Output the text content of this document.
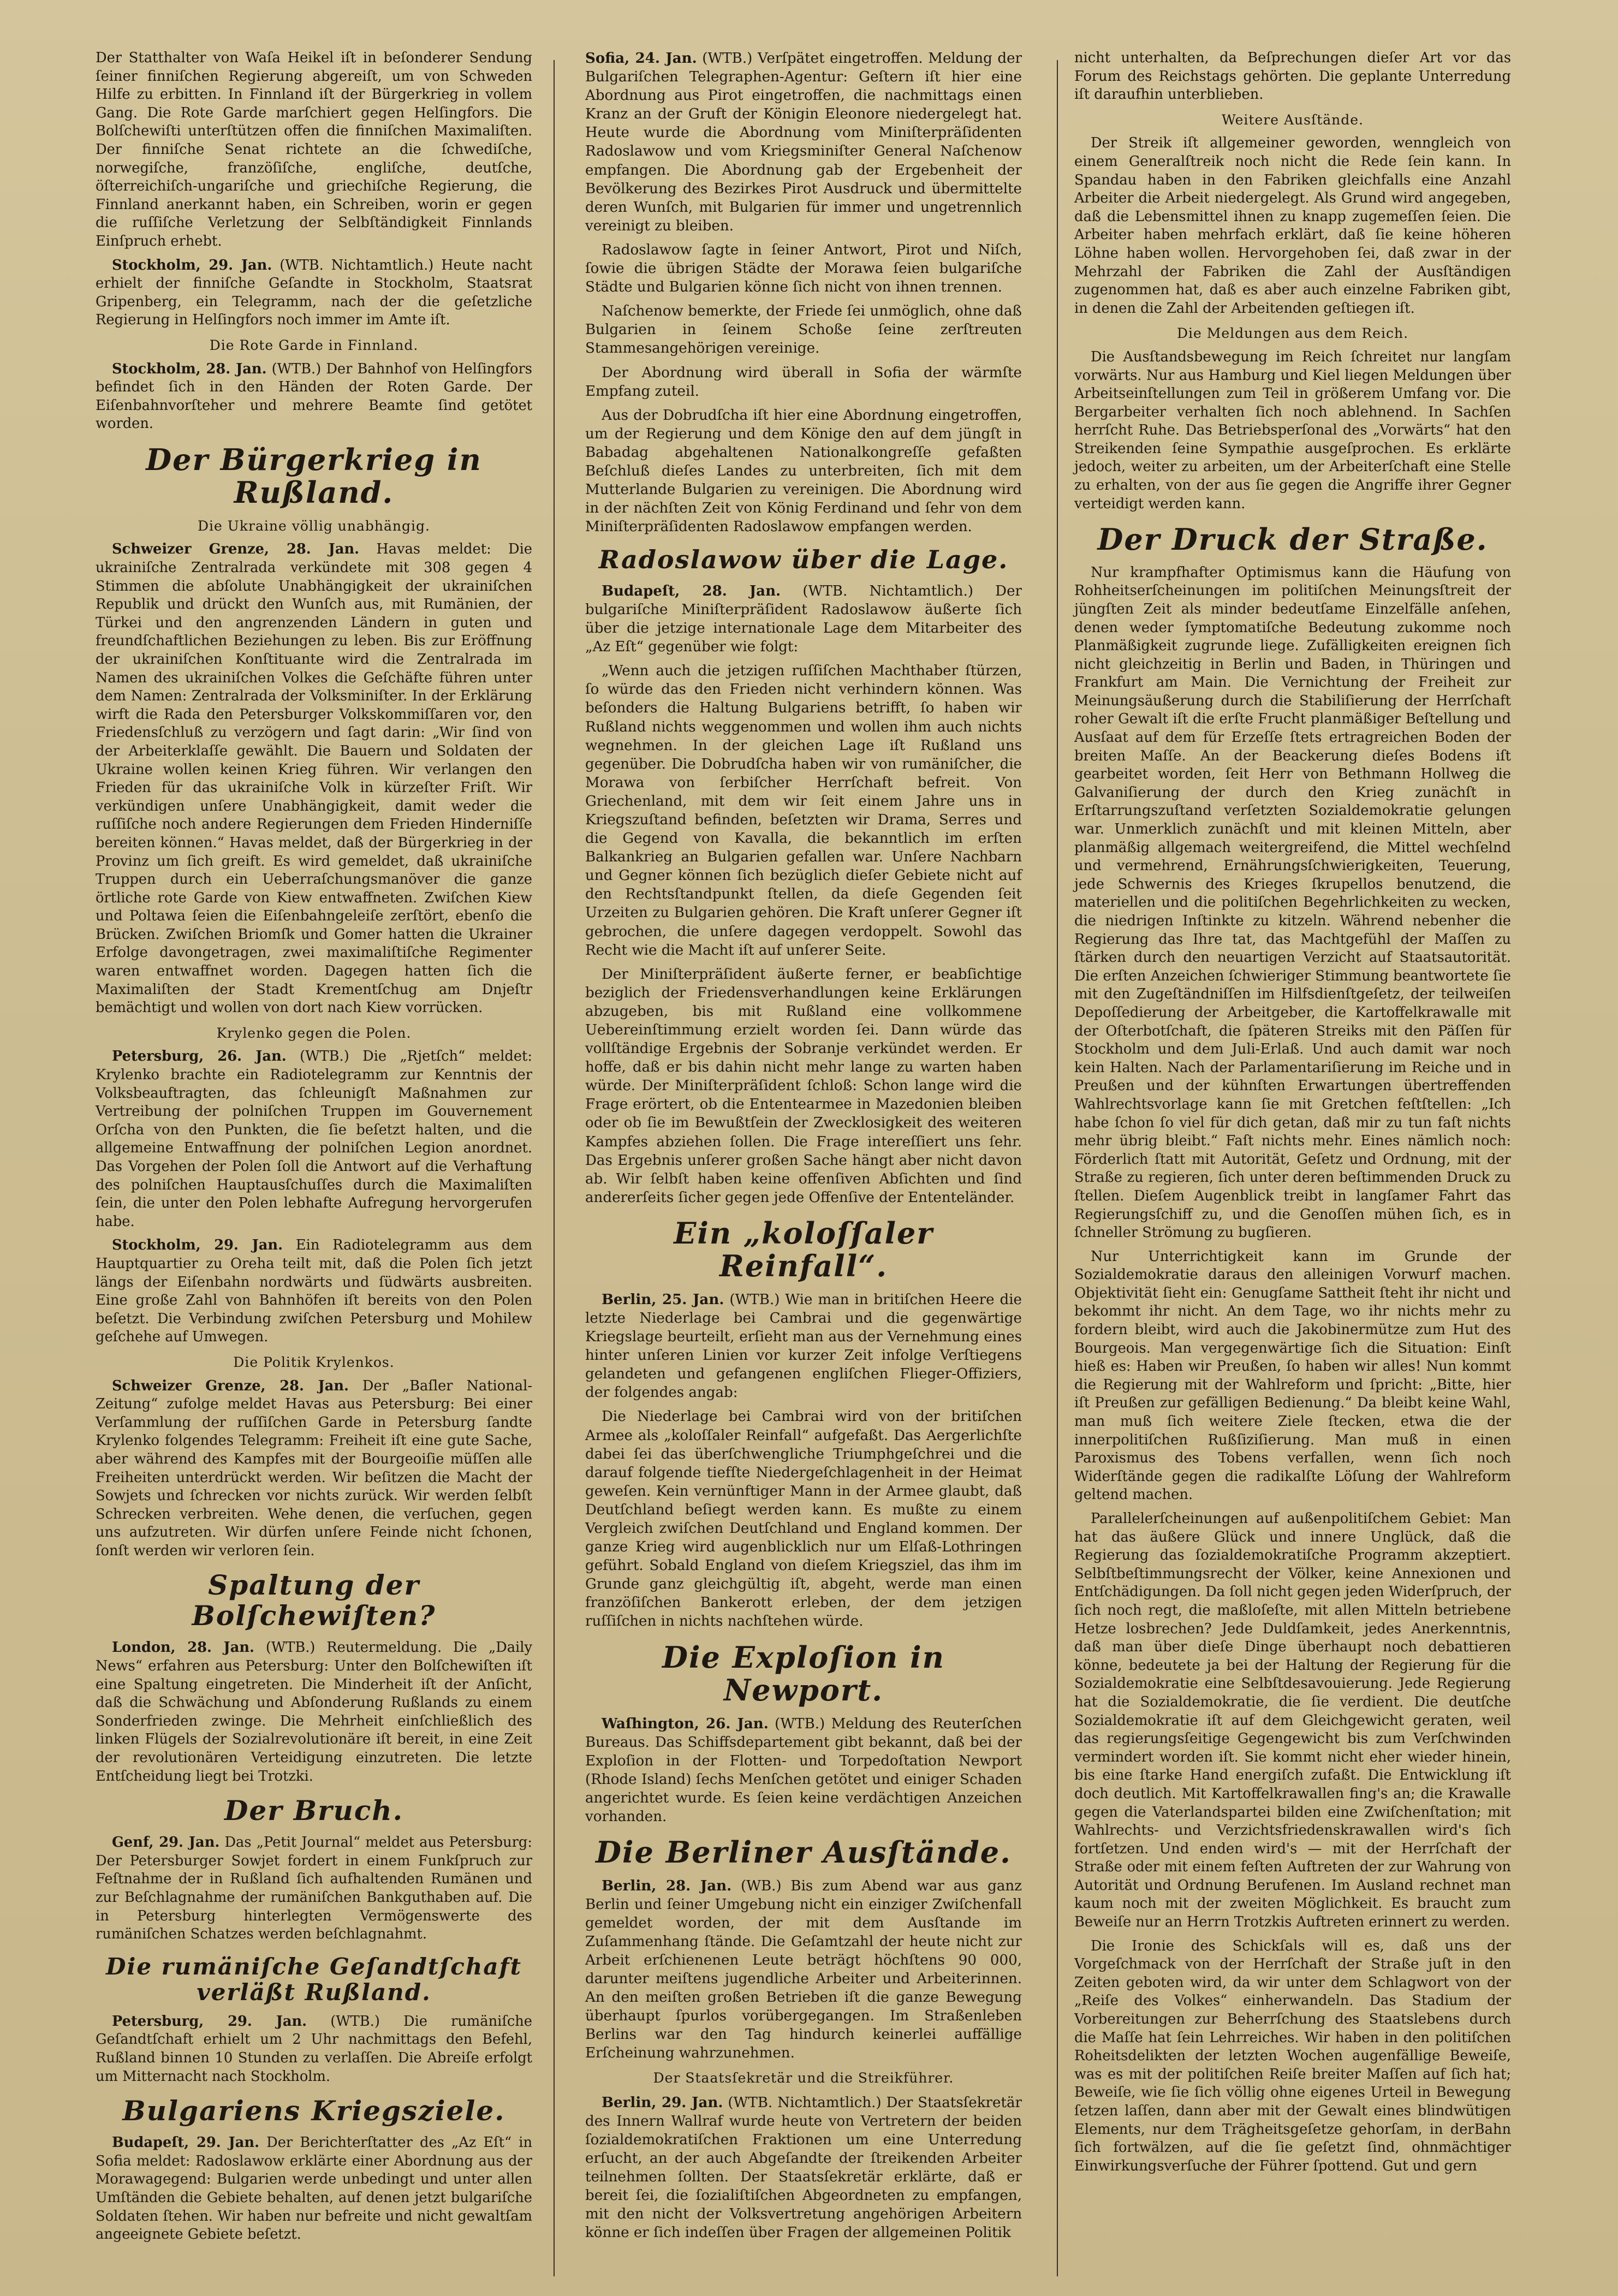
Der Statthalter von Waſa Heikel iſt in beſonderer Sendung ſeiner finniſchen Regierung abgereiſt, um von Schweden Hilfe zu erbitten. In Finnland iſt der Bürgerkrieg in vollem Gang. Die Rote Garde marſchiert gegen Helſingfors. Die Bolſchewiſti unterſtützen offen die finniſchen Maximaliſten. Der finniſche Senat richtete an die ſchwediſche, norwegiſche, franzöſiſche, engliſche, deutſche, öſterreichiſch-ungariſche und griechiſche Regierung, die Finnland anerkannt haben, ein Schreiben, worin er gegen die ruſſiſche Verletzung der Selbſtändigkeit Finnlands Einſpruch erhebt.

Stockholm, 29. Jan. (WTB. Nichtamtlich.) Heute nacht erhielt der finniſche Geſandte in Stockholm, Staatsrat Gripenberg, ein Telegramm, nach der die geſetzliche Regierung in Helſingfors noch immer im Amte iſt.

Die Rote Garde in Finnland.

Stockholm, 28. Jan. (WTB.) Der Bahnhof von Helſingfors befindet ſich in den Händen der Roten Garde. Der Eiſenbahnvorſteher und mehrere Beamte ſind getötet worden.

Der Bürgerkrieg in Rußland.
Die Ukraine völlig unabhängig.

Schweizer Grenze, 28. Jan. Havas meldet: Die ukrainiſche Zentralrada verkündete mit 308 gegen 4 Stimmen die abſolute Unabhängigkeit der ukrainiſchen Republik und drückt den Wunſch aus, mit Rumänien, der Türkei und den angrenzenden Ländern in guten und freundſchaftlichen Beziehungen zu leben. Bis zur Eröffnung der ukrainiſchen Konſtituante wird die Zentralrada im Namen des ukrainiſchen Volkes die Geſchäfte führen unter dem Namen: Zentralrada der Volksminiſter. In der Erklärung wirft die Rada den Petersburger Volkskommiſſaren vor, den Friedensſchluß zu verzögern und ſagt darin: „Wir ſind von der Arbeiterklaſſe gewählt. Die Bauern und Soldaten der Ukraine wollen keinen Krieg führen. Wir verlangen den Frieden für das ukrainiſche Volk in kürzeſter Friſt. Wir verkündigen unſere Unabhängigkeit, damit weder die ruſſiſche noch andere Regierungen dem Frieden Hinderniſſe bereiten können.“ Havas meldet, daß der Bürgerkrieg in der Provinz um ſich greift. Es wird gemeldet, daß ukrainiſche Truppen durch ein Ueberraſchungsmanöver die ganze örtliche rote Garde von Kiew entwaffneten. Zwiſchen Kiew und Poltawa ſeien die Eiſenbahngeleiſe zerſtört, ebenſo die Brücken. Zwiſchen Briomſk und Gomer hatten die Ukrainer Erfolge davongetragen, zwei maximaliſtiſche Regimenter waren entwaffnet worden. Dagegen hatten ſich die Maximaliſten der Stadt Krementſchug am Dnjeſtr bemächtigt und wollen von dort nach Kiew vorrücken.

Krylenko gegen die Polen.

Petersburg, 26. Jan. (WTB.) Die „Rjetſch“ meldet: Krylenko brachte ein Radiotelegramm zur Kenntnis der Volksbeauftragten, das ſchleunigſt Maßnahmen zur Vertreibung der polniſchen Truppen im Gouvernement Orſcha von den Punkten, die ſie beſetzt halten, und die allgemeine Entwaffnung der polniſchen Legion anordnet. Das Vorgehen der Polen ſoll die Antwort auf die Verhaftung des polniſchen Hauptausſchuſſes durch die Maximaliſten ſein, die unter den Polen lebhafte Aufregung hervorgerufen habe.

Stockholm, 29. Jan. Ein Radiotelegramm aus dem Hauptquartier zu Oreha teilt mit, daß die Polen ſich jetzt längs der Eiſenbahn nordwärts und ſüdwärts ausbreiten. Eine große Zahl von Bahnhöfen iſt bereits von den Polen beſetzt. Die Verbindung zwiſchen Petersburg und Mohilew geſchehe auf Umwegen.

Die Politik Krylenkos.

Schweizer Grenze, 28. Jan. Der „Baſler National-Zeitung“ zufolge meldet Havas aus Petersburg: Bei einer Verſammlung der ruſſiſchen Garde in Petersburg ſandte Krylenko folgendes Telegramm: Freiheit iſt eine gute Sache, aber während des Kampfes mit der Bourgeoiſie müſſen alle Freiheiten unterdrückt werden. Wir beſitzen die Macht der Sowjets und ſchrecken vor nichts zurück. Wir werden ſelbſt Schrecken verbreiten. Wehe denen, die verſuchen, gegen uns aufzutreten. Wir dürfen unſere Feinde nicht ſchonen, ſonſt werden wir verloren ſein.

Spaltung der Bolſchewiſten?

London, 28. Jan. (WTB.) Reutermeldung. Die „Daily News“ erfahren aus Petersburg: Unter den Bolſchewiſten iſt eine Spaltung eingetreten. Die Minderheit iſt der Anſicht, daß die Schwächung und Abſonderung Rußlands zu einem Sonderfrieden zwinge. Die Mehrheit einſchließlich des linken Flügels der Sozialrevolutionäre iſt bereit, in eine Zeit der revolutionären Verteidigung einzutreten. Die letzte Entſcheidung liegt bei Trotzki.

Der Bruch.

Genf, 29. Jan. Das „Petit Journal“ meldet aus Petersburg: Der Petersburger Sowjet fordert in einem Funkſpruch zur Feſtnahme der in Rußland ſich aufhaltenden Rumänen und zur Beſchlagnahme der rumäniſchen Bankguthaben auf. Die in Petersburg hinterlegten Vermögenswerte des rumäniſchen Schatzes werden beſchlagnahmt.

Die rumäniſche Geſandtſchaft verläßt Rußland.

Petersburg, 29. Jan. (WTB.) Die rumäniſche Geſandtſchaft erhielt um 2 Uhr nachmittags den Befehl, Rußland binnen 10 Stunden zu verlaſſen. Die Abreiſe erfolgt um Mitternacht nach Stockholm.

Bulgariens Kriegsziele.

Budapeſt, 29. Jan. Der Berichterſtatter des „Az Eſt“ in Sofia meldet: Radoslawow erklärte einer Abordnung aus der Morawagegend: Bulgarien werde unbedingt und unter allen Umſtänden die Gebiete behalten, auf denen jetzt bulgariſche Soldaten ſtehen. Wir haben nur befreite und nicht gewaltſam angeeignete Gebiete beſetzt.

Sofia, 24. Jan. (WTB.) Verſpätet eingetroffen. Meldung der Bulgariſchen Telegraphen-Agentur: Geſtern iſt hier eine Abordnung aus Pirot eingetroffen, die nachmittags einen Kranz an der Gruft der Königin Eleonore niedergelegt hat. Heute wurde die Abordnung vom Miniſterpräſidenten Radoslawow und vom Kriegsminiſter General Naſchenow empfangen. Die Abordnung gab der Ergebenheit der Bevölkerung des Bezirkes Pirot Ausdruck und übermittelte deren Wunſch, mit Bulgarien für immer und ungetrennlich vereinigt zu bleiben.

Radoslawow ſagte in ſeiner Antwort, Pirot und Niſch, ſowie die übrigen Städte der Morawa ſeien bulgariſche Städte und Bulgarien könne ſich nicht von ihnen trennen.

Naſchenow bemerkte, der Friede ſei unmöglich, ohne daß Bulgarien in ſeinem Schoße ſeine zerſtreuten Stammesangehörigen vereinige.

Der Abordnung wird überall in Sofia der wärmſte Empfang zuteil.

Aus der Dobrudſcha iſt hier eine Abordnung eingetroffen, um der Regierung und dem Könige den auf dem jüngſt in Babadag abgehaltenen Nationalkongreſſe gefaßten Beſchluß dieſes Landes zu unterbreiten, ſich mit dem Mutterlande Bulgarien zu vereinigen. Die Abordnung wird in der nächſten Zeit von König Ferdinand und ſehr von dem Miniſterpräſidenten Radoslawow empfangen werden.

Radoslawow über die Lage.

Budapeſt, 28. Jan. (WTB. Nichtamtlich.) Der bulgariſche Miniſterpräſident Radoslawow äußerte ſich über die jetzige internationale Lage dem Mitarbeiter des „Az Eſt“ gegenüber wie folgt:

„Wenn auch die jetzigen ruſſiſchen Machthaber ſtürzen, ſo würde das den Frieden nicht verhindern können. Was beſonders die Haltung Bulgariens betrifft, ſo haben wir Rußland nichts weggenommen und wollen ihm auch nichts wegnehmen. In der gleichen Lage iſt Rußland uns gegenüber. Die Dobrudſcha haben wir von rumäniſcher, die Morawa von ſerbiſcher Herrſchaft befreit. Von Griechenland, mit dem wir ſeit einem Jahre uns in Kriegszuſtand befinden, beſetzten wir Drama, Serres und die Gegend von Kavalla, die bekanntlich im erſten Balkankrieg an Bulgarien gefallen war. Unſere Nachbarn und Gegner können ſich bezüglich dieſer Gebiete nicht auf den Rechtsſtandpunkt ſtellen, da dieſe Gegenden ſeit Urzeiten zu Bulgarien gehören. Die Kraft unſerer Gegner iſt gebrochen, die unſere dagegen verdoppelt. Sowohl das Recht wie die Macht iſt auf unſerer Seite.

Der Miniſterpräſident äußerte ferner, er beabſichtige beziglich der Friedensverhandlungen keine Erklärungen abzugeben, bis mit Rußland eine vollkommene Uebereinſtimmung erzielt worden ſei. Dann würde das vollſtändige Ergebnis der Sobranje verkündet werden. Er hoffe, daß er bis dahin nicht mehr lange zu warten haben würde. Der Miniſterpräſident ſchloß: Schon lange wird die Frage erörtert, ob die Ententearmee in Mazedonien bleiben oder ob ſie im Bewußtſein der Zwecklosigkeit des weiteren Kampfes abziehen ſollen. Die Frage intereſſiert uns ſehr. Das Ergebnis unſerer großen Sache hängt aber nicht davon ab. Wir ſelbſt haben keine offenſiven Abſichten und ſind andererſeits ſicher gegen jede Offenſive der Ententeländer.

Ein „koloſſaler Reinfall“.

Berlin, 25. Jan. (WTB.) Wie man in britiſchen Heere die letzte Niederlage bei Cambrai und die gegenwärtige Kriegslage beurteilt, erſieht man aus der Vernehmung eines hinter unſeren Linien vor kurzer Zeit infolge Verſtiegens gelandeten und gefangenen engliſchen Flieger-Offiziers, der folgendes angab:

Die Niederlage bei Cambrai wird von der britiſchen Armee als „koloſſaler Reinfall“ aufgefaßt. Das Aergerlichſte dabei ſei das überſchwengliche Triumphgeſchrei und die darauf folgende tiefſte Niedergeſchlagenheit in der Heimat geweſen. Kein vernünftiger Mann in der Armee glaubt, daß Deutſchland beſiegt werden kann. Es mußte zu einem Vergleich zwiſchen Deutſchland und England kommen. Der ganze Krieg wird augenblicklich nur um Elſaß-Lothringen geführt. Sobald England von dieſem Kriegsziel, das ihm im Grunde ganz gleichgültig iſt, abgeht, werde man einen franzöſiſchen Bankerott erleben, der dem jetzigen ruſſiſchen in nichts nachſtehen würde.

Die Exploſion in Newport.

Waſhington, 26. Jan. (WTB.) Meldung des Reuterſchen Bureaus. Das Schiffsdepartement gibt bekannt, daß bei der Exploſion in der Flotten- und Torpedoſtation Newport (Rhode Island) ſechs Menſchen getötet und einiger Schaden angerichtet wurde. Es ſeien keine verdächtigen Anzeichen vorhanden.

Die Berliner Ausſtände.

Berlin, 28. Jan. (WB.) Bis zum Abend war aus ganz Berlin und ſeiner Umgebung nicht ein einziger Zwiſchenfall gemeldet worden, der mit dem Ausſtande im Zuſammenhang ſtände. Die Geſamtzahl der heute nicht zur Arbeit erſchienenen Leute beträgt höchſtens 90 000, darunter meiſtens jugendliche Arbeiter und Arbeiterinnen. An den meiſten großen Betrieben iſt die ganze Bewegung überhaupt ſpurlos vorübergegangen. Im Straßenleben Berlins war den Tag hindurch keinerlei auffällige Erſcheinung wahrzunehmen.

Der Staatsſekretär und die Streikführer.

Berlin, 29. Jan. (WTB. Nichtamtlich.) Der Staatsſekretär des Innern Wallraf wurde heute von Vertretern der beiden ſozialdemokratiſchen Fraktionen um eine Unterredung erſucht, an der auch Abgeſandte der ſtreikenden Arbeiter teilnehmen ſollten. Der Staatsſekretär erklärte, daß er bereit ſei, die ſozialiſtiſchen Abgeordneten zu empfangen, mit den nicht der Volksvertretung angehörigen Arbeitern könne er ſich indeſſen über Fragen der allgemeinen Politik

nicht unterhalten, da Beſprechungen dieſer Art vor das Forum des Reichstags gehörten. Die geplante Unterredung iſt daraufhin unterblieben.

Weitere Ausſtände.

Der Streik iſt allgemeiner geworden, wenngleich von einem Generalſtreik noch nicht die Rede ſein kann. In Spandau haben in den Fabriken gleichfalls eine Anzahl Arbeiter die Arbeit niedergelegt. Als Grund wird angegeben, daß die Lebensmittel ihnen zu knapp zugemeſſen ſeien. Die Arbeiter haben mehrfach erklärt, daß ſie keine höheren Löhne haben wollen. Hervorgehoben ſei, daß zwar in der Mehrzahl der Fabriken die Zahl der Ausſtändigen zugenommen hat, daß es aber auch einzelne Fabriken gibt, in denen die Zahl der Arbeitenden geſtiegen iſt.

Die Meldungen aus dem Reich.

Die Ausſtandsbewegung im Reich ſchreitet nur langſam vorwärts. Nur aus Hamburg und Kiel liegen Meldungen über Arbeitseinſtellungen zum Teil in größerem Umfang vor. Die Bergarbeiter verhalten ſich noch ablehnend. In Sachſen herrſcht Ruhe. Das Betriebsperſonal des „Vorwärts“ hat den Streikenden ſeine Sympathie ausgeſprochen. Es erklärte jedoch, weiter zu arbeiten, um der Arbeiterſchaft eine Stelle zu erhalten, von der aus ſie gegen die Angriffe ihrer Gegner verteidigt werden kann.

Der Druck der Straße.

Nur krampfhafter Optimismus kann die Häufung von Rohheitserſcheinungen im politiſchen Meinungsſtreit der jüngſten Zeit als minder bedeutſame Einzelfälle anſehen, denen weder ſymptomatiſche Bedeutung zukomme noch Planmäßigkeit zugrunde liege. Zufälligkeiten ereignen ſich nicht gleichzeitig in Berlin und Baden, in Thüringen und Frankfurt am Main. Die Vernichtung der Freiheit zur Meinungsäußerung durch die Stabiliſierung der Herrſchaft roher Gewalt iſt die erſte Frucht planmäßiger Beſtellung und Ausſaat auf dem für Erzeſſe ſtets ertragreichen Boden der breiten Maſſe. An der Beackerung dieſes Bodens iſt gearbeitet worden, ſeit Herr von Bethmann Hollweg die Galvaniſierung der durch den Krieg zunächſt in Erſtarrungszuſtand verſetzten Sozialdemokratie gelungen war. Unmerklich zunächſt und mit kleinen Mitteln, aber planmäßig allgemach weitergreifend, die Mittel wechſelnd und vermehrend, Ernährungsſchwierigkeiten, Teuerung, jede Schwernis des Krieges ſkrupellos benutzend, die materiellen und die politiſchen Begehrlichkeiten zu wecken, die niedrigen Inſtinkte zu kitzeln. Während nebenher die Regierung das Ihre tat, das Machtgefühl der Maſſen zu ſtärken durch den neuartigen Verzicht auf Staatsautorität. Die erſten Anzeichen ſchwieriger Stimmung beantwortete ſie mit den Zugeſtändniſſen im Hilfsdienſtgeſetz, der teilweiſen Depoſſedierung der Arbeitgeber, die Kartoffelkrawalle mit der Oſterbotſchaft, die ſpäteren Streiks mit den Päſſen für Stockholm und dem Juli-Erlaß. Und auch damit war noch kein Halten. Nach der Parlamentariſierung im Reiche und in Preußen und der kühnſten Erwartungen übertreffenden Wahlrechtsvorlage kann ſie mit Gretchen feſtſtellen: „Ich habe ſchon ſo viel für dich getan, daß mir zu tun faſt nichts mehr übrig bleibt.“ Faſt nichts mehr. Eines nämlich noch: Förderlich ſtatt mit Autorität, Geſetz und Ordnung, mit der Straße zu regieren, ſich unter deren beſtimmenden Druck zu ſtellen. Dieſem Augenblick treibt in langſamer Fahrt das Regierungsſchiff zu, und die Genoſſen mühen ſich, es in ſchneller Strömung zu bugſieren.

Nur Unterrichtigkeit kann im Grunde der Sozialdemokratie daraus den alleinigen Vorwurf machen. Objektivität ſieht ein: Genugſame Sattheit ſteht ihr nicht und bekommt ihr nicht. An dem Tage, wo ihr nichts mehr zu fordern bleibt, wird auch die Jakobinermütze zum Hut des Bourgeois. Man vergegenwärtige ſich die Situation: Einſt hieß es: Haben wir Preußen, ſo haben wir alles! Nun kommt die Regierung mit der Wahlreform und ſpricht: „Bitte, hier iſt Preußen zur gefälligen Bedienung.“ Da bleibt keine Wahl, man muß ſich weitere Ziele ſtecken, etwa die der innerpolitiſchen Rußſiziſierung. Man muß in einen Paroxismus des Tobens verfallen, wenn ſich noch Widerſtände gegen die radikalſte Löſung der Wahlreform geltend machen.

Parallelerſcheinungen auf außenpolitiſchem Gebiet: Man hat das äußere Glück und innere Unglück, daß die Regierung das ſozialdemokratiſche Programm akzeptiert. Selbſtbeſtimmungsrecht der Völker, keine Annexionen und Entſchädigungen. Da ſoll nicht gegen jeden Widerſpruch, der ſich noch regt, die maßloſeſte, mit allen Mitteln betriebene Hetze losbrechen? Jede Duldſamkeit, jedes Anerkenntnis, daß man über dieſe Dinge überhaupt noch debattieren könne, bedeutete ja bei der Haltung der Regierung für die Sozialdemokratie eine Selbſtdesavouierung. Jede Regierung hat die Sozialdemokratie, die ſie verdient. Die deutſche Sozialdemokratie iſt auf dem Gleichgewicht geraten, weil das regierungsſeitige Gegengewicht bis zum Verſchwinden vermindert worden iſt. Sie kommt nicht eher wieder hinein, bis eine ſtarke Hand energiſch zufaßt. Die Entwicklung iſt doch deutlich. Mit Kartoffelkrawallen fing's an; die Krawalle gegen die Vaterlandspartei bilden eine Zwiſchenſtation; mit Wahlrechts- und Verzichtsfriedenskrawallen wird's ſich fortſetzen. Und enden wird's — mit der Herrſchaft der Straße oder mit einem feſten Auftreten der zur Wahrung von Autorität und Ordnung Berufenen. Im Ausland rechnet man kaum noch mit der zweiten Möglichkeit. Es braucht zum Beweiſe nur an Herrn Trotzkis Auftreten erinnert zu werden.

Die Ironie des Schickſals will es, daß uns der Vorgeſchmack von der Herrſchaft der Straße juſt in den Zeiten geboten wird, da wir unter dem Schlagwort von der „Reiſe des Volkes“ einherwandeln. Das Stadium der Vorbereitungen zur Beherrſchung des Staatslebens durch die Maſſe hat ſein Lehrreiches. Wir haben in den politiſchen Roheitsdelikten der letzten Wochen augenfällige Beweiſe, was es mit der politiſchen Reiſe breiter Maſſen auf ſich hat; Beweiſe, wie ſie ſich völlig ohne eigenes Urteil in Bewegung ſetzen laſſen, dann aber mit der Gewalt eines blindwütigen Elements, nur dem Trägheitsgeſetze gehorſam, in derBahn ſich fortwälzen, auf die ſie geſetzt ſind, ohnmächtiger Einwirkungsverſuche der Führer ſpottend. Gut und gern
